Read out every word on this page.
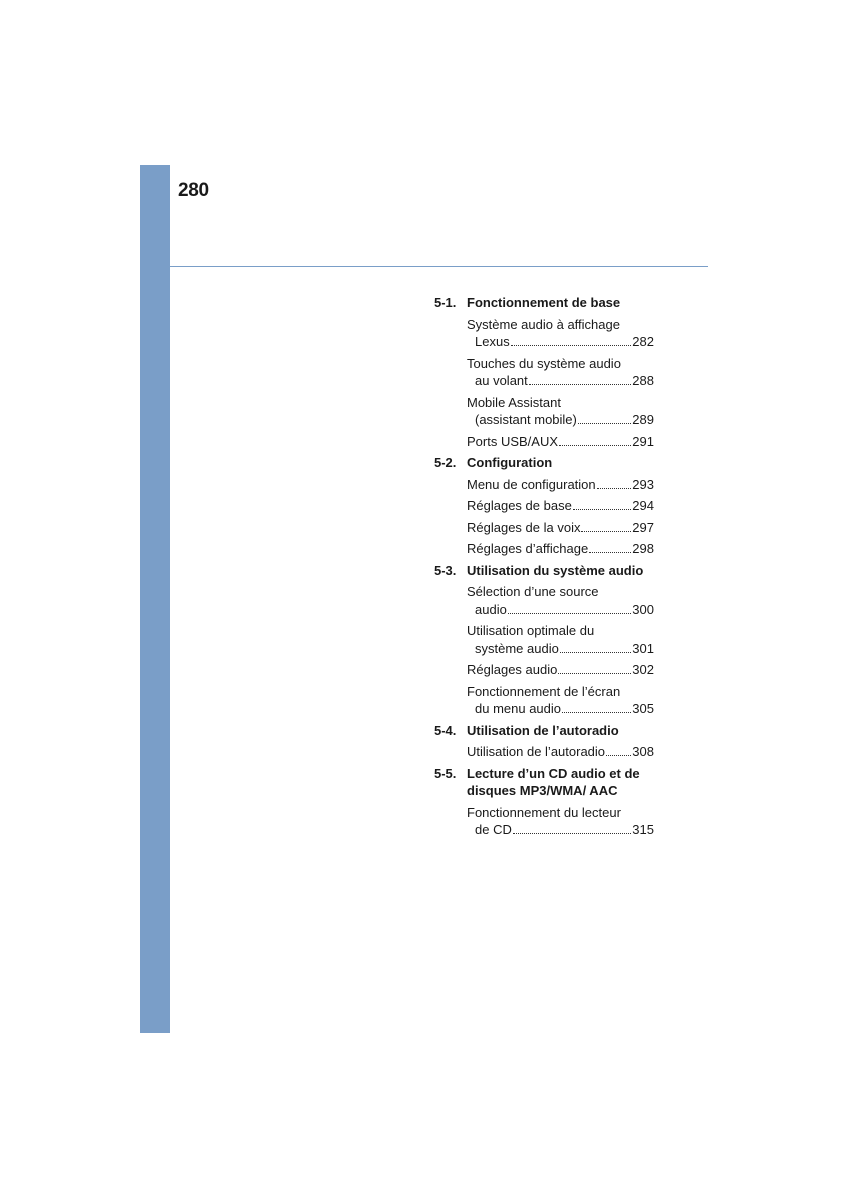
280
5-1. Fonctionnement de base
Système audio à affichage
Lexus	282
Touches du système audio
au volant	288
Mobile Assistant
(assistant mobile)	289
Ports USB/AUX	291
5-2. Configuration
Menu de configuration	293
Réglages de base	294
Réglages de la voix	297
Réglages d’affichage	298
5-3. Utilisation du système audio
Sélection d’une source
audio	300
Utilisation optimale du
système audio	301
Réglages audio	302
Fonctionnement de l’écran
du menu audio	305
5-4. Utilisation de l’autoradio
Utilisation de l’autoradio 308
5-5. Lecture d’un CD audio et de disques MP3/WMA/ AAC
Fonctionnement du lecteur
de CD	315
